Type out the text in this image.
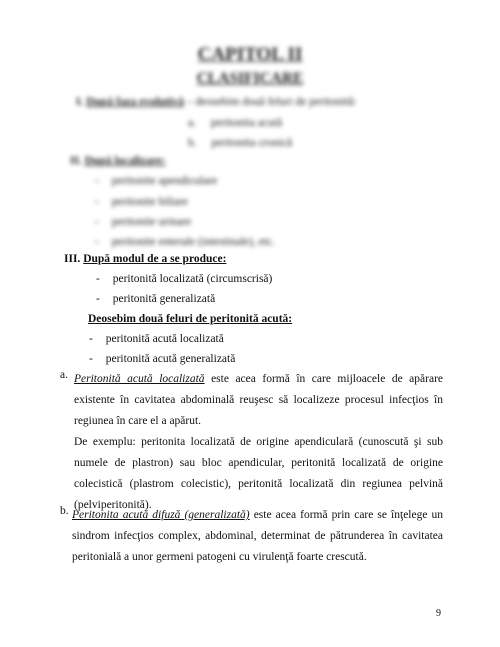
CAPITOL II
CLASIFICARE
I. După faza evolutivă – deosebim două feluri de peritonită:
a. peritonita acută
b. peritonita cronică
II. După localizare:
- peritonite apendiculare
- peritonite biliare
- peritonite urinare
- peritonite enterale (intestinale), etc.
III. După modul de a se produce:
- peritonită localizată (circumscrisă)
- peritonită generalizată
Deosebim două feluri de peritonită acută:
- peritonită acută localizată
- peritonită acută generalizată
a. Peritonită acută localizată este acea formă în care mijloacele de apărare
existente în cavitatea abdominală reuşesc să localizeze procesul infecţios în
regiunea în care el a apărut.
De exemplu: peritonita localizată de origine apendiculară (cunoscută şi sub
numele de plastron) sau bloc apendicular, peritonită localizată de origine
colecistică (plastrom colecistic), peritonită localizată din regiunea pelvină
(pelviperitonită).
b. Peritonita acută difuză (generalizată) este acea formă prin care se înţelege un
sindrom infecţios complex, abdominal, determinat de pătrunderea în cavitatea
peritonială a unor germeni patogeni cu virulenţă foarte crescută.
9
